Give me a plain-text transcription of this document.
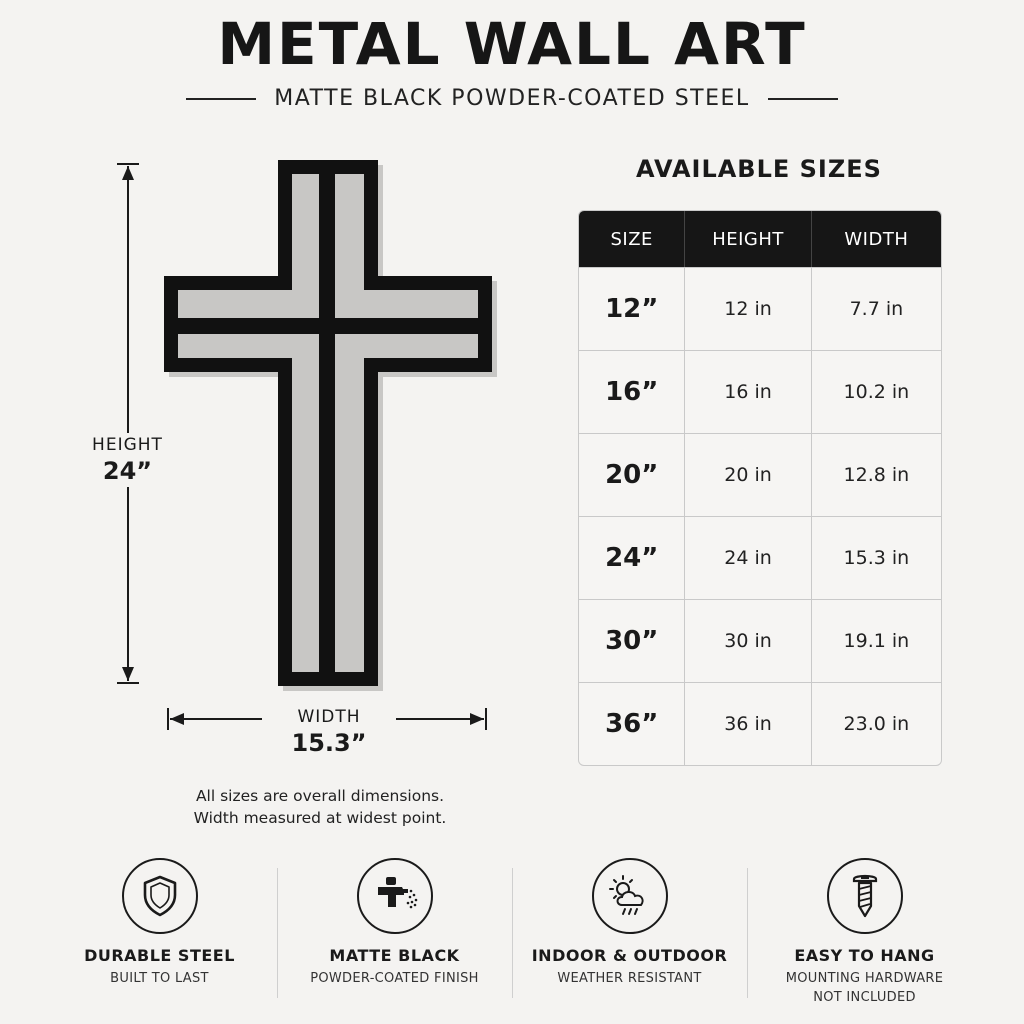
METAL WALL ART
MATTE BLACK POWDER-COATED STEEL
HEIGHT
24”
WIDTH
15.3”
All sizes are overall dimensions.
Width measured at widest point.
AVAILABLE SIZES
SIZE	HEIGHT	WIDTH
12”	12 in	7.7 in
16”	16 in	10.2 in
20”	20 in	12.8 in
24”	24 in	15.3 in
30”	30 in	19.1 in
36”	36 in	23.0 in
DURABLE STEEL
BUILT TO LAST
MATTE BLACK
POWDER-COATED FINISH
INDOOR & OUTDOOR
WEATHER RESISTANT
EASY TO HANG
MOUNTING HARDWARE
NOT INCLUDED
